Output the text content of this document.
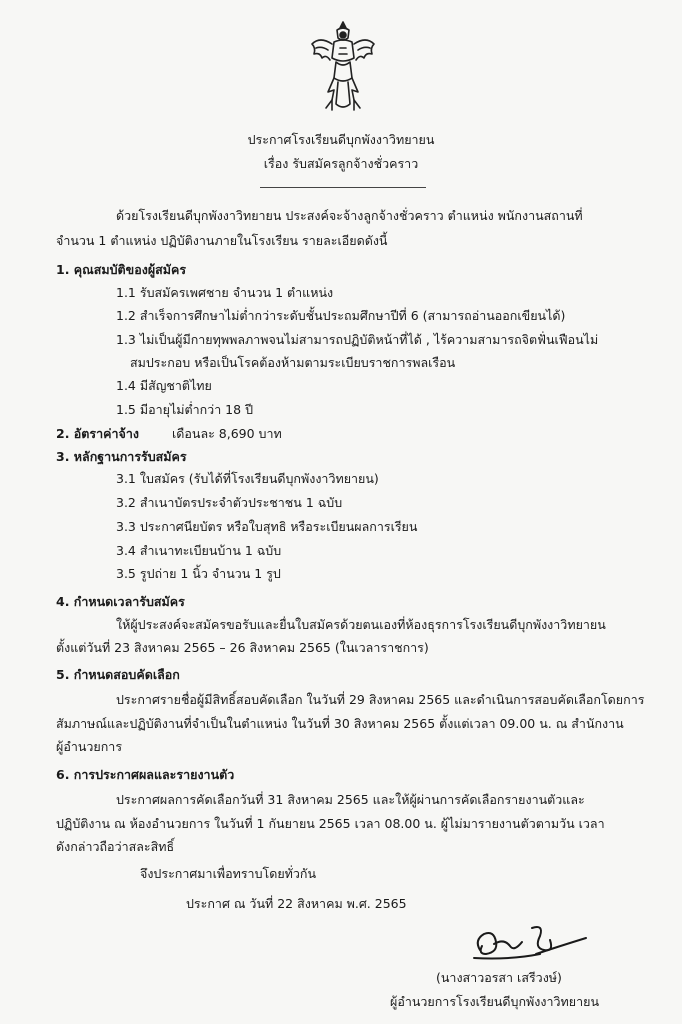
ประกาศโรงเรียนดีบุกพังงาวิทยายน
เรื่อง รับสมัครลูกจ้างชั่วคราว
ด้วยโรงเรียนดีบุกพังงาวิทยายน ประสงค์จะจ้างลูกจ้างชั่วคราว ตำแหน่ง พนักงานสถานที่
จำนวน 1 ตำแหน่ง ปฏิบัติงานภายในโรงเรียน รายละเอียดดังนี้
1. คุณสมบัติของผู้สมัคร
1.1 รับสมัครเพศชาย จำนวน 1 ตำแหน่ง
1.2 สำเร็จการศึกษาไม่ต่ำกว่าระดับชั้นประถมศึกษาปีที่ 6 (สามารถอ่านออกเขียนได้)
1.3 ไม่เป็นผู้มีกายทุพพลภาพจนไม่สามารถปฏิบัติหน้าที่ได้ , ไร้ความสามารถจิตฟั่นเฟือนไม่
สมประกอบ หรือเป็นโรคต้องห้ามตามระเบียบราชการพลเรือน
1.4 มีสัญชาติไทย
1.5 มีอายุไม่ต่ำกว่า 18 ปี
2. อัตราค่าจ้าง	เดือนละ 8,690 บาท
3. หลักฐานการรับสมัคร
3.1 ใบสมัคร (รับได้ที่โรงเรียนดีบุกพังงาวิทยายน)
3.2 สำเนาบัตรประจำตัวประชาชน 1 ฉบับ
3.3 ประกาศนียบัตร หรือใบสุทธิ หรือระเบียนผลการเรียน
3.4 สำเนาทะเบียนบ้าน 1 ฉบับ
3.5 รูปถ่าย 1 นิ้ว จำนวน 1 รูป
4. กำหนดเวลารับสมัคร
ให้ผู้ประสงค์จะสมัครขอรับและยื่นใบสมัครด้วยตนเองที่ห้องธุรการโรงเรียนดีบุกพังงาวิทยายน
ตั้งแต่วันที่ 23 สิงหาคม 2565 – 26 สิงหาคม 2565 (ในเวลาราชการ)
5. กำหนดสอบคัดเลือก
ประกาศรายชื่อผู้มีสิทธิ์สอบคัดเลือก ในวันที่ 29 สิงหาคม 2565 และดำเนินการสอบคัดเลือกโดยการ
สัมภาษณ์และปฏิบัติงานที่จำเป็นในตำแหน่ง ในวันที่ 30 สิงหาคม 2565 ตั้งแต่เวลา 09.00 น. ณ สำนักงาน
ผู้อำนวยการ
6. การประกาศผลและรายงานตัว
ประกาศผลการคัดเลือกวันที่ 31 สิงหาคม 2565 และให้ผู้ผ่านการคัดเลือกรายงานตัวและ
ปฏิบัติงาน ณ ห้องอำนวยการ ในวันที่ 1 กันยายน 2565 เวลา 08.00 น. ผู้ไม่มารายงานตัวตามวัน เวลา
ดังกล่าวถือว่าสละสิทธิ์
จึงประกาศมาเพื่อทราบโดยทั่วกัน
ประกาศ ณ วันที่ 22 สิงหาคม พ.ศ. 2565
(นางสาวอรสา เสรีวงษ์)
ผู้อำนวยการโรงเรียนดีบุกพังงาวิทยายน
